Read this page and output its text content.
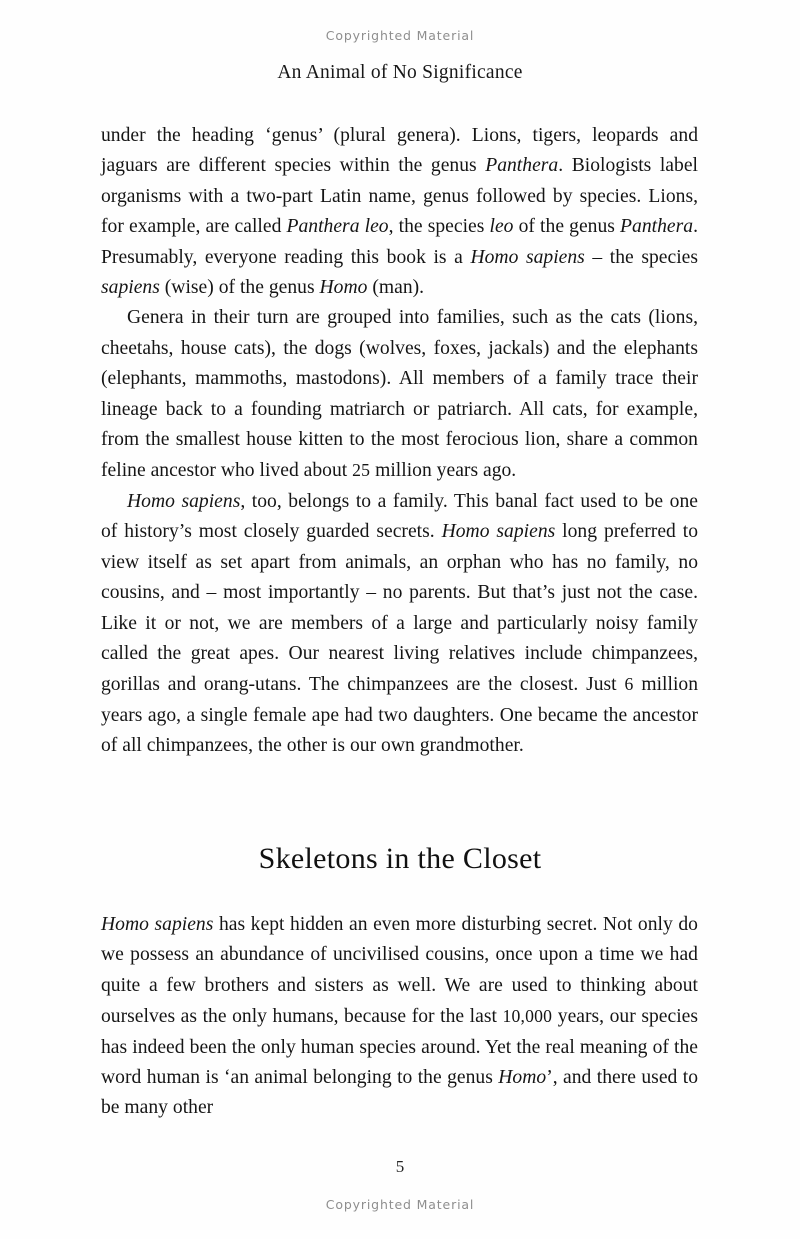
Copyrighted Material
An Animal of No Significance

under the heading ‘genus’ (plural genera). Lions, tigers, leopards and jaguars are different species within the genus Panthera. Biologists label organisms with a two-part Latin name, genus followed by species. Lions, for example, are called Panthera leo, the species leo of the genus Panthera. Presumably, everyone reading this book is a Homo sapiens – the species sapiens (wise) of the genus Homo (man).

Genera in their turn are grouped into families, such as the cats (lions, cheetahs, house cats), the dogs (wolves, foxes, jackals) and the elephants (elephants, mammoths, mastodons). All members of a family trace their lineage back to a founding matriarch or patriarch. All cats, for example, from the smallest house kitten to the most ferocious lion, share a common feline ancestor who lived about 25 million years ago.

Homo sapiens, too, belongs to a family. This banal fact used to be one of history’s most closely guarded secrets. Homo sapiens long preferred to view itself as set apart from animals, an orphan who has no family, no cousins, and – most importantly – no parents. But that’s just not the case. Like it or not, we are members of a large and particularly noisy family called the great apes. Our nearest living relatives include chimpanzees, gorillas and orang-utans. The chimpanzees are the closest. Just 6 million years ago, a single female ape had two daughters. One became the ancestor of all chimpanzees, the other is our own grandmother.

Skeletons in the Closet

Homo sapiens has kept hidden an even more disturbing secret. Not only do we possess an abundance of uncivilised cousins, once upon a time we had quite a few brothers and sisters as well. We are used to thinking about ourselves as the only humans, because for the last 10,000 years, our species has indeed been the only human species around. Yet the real meaning of the word human is ‘an animal belonging to the genus Homo’, and there used to be many other

5
Copyrighted Material
